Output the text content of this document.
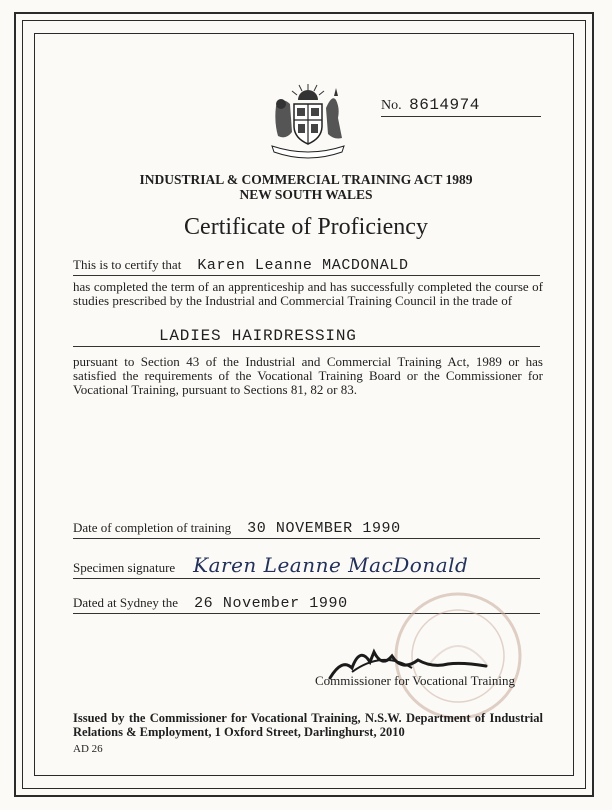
No. 8614974
INDUSTRIAL & COMMERCIAL TRAINING ACT 1989
NEW SOUTH WALES
Certificate of Proficiency
This is to certify that Karen Leanne MACDONALD
has completed the term of an apprenticeship and has successfully completed the course of studies prescribed by the Industrial and Commercial Training Council in the trade of
LADIES HAIRDRESSING
pursuant to Section 43 of the Industrial and Commercial Training Act, 1989 or has satisfied the requirements of the Vocational Training Board or the Commissioner for Vocational Training, pursuant to Sections 81, 82 or 83.
Date of completion of training 30 NOVEMBER 1990
Specimen signature Karen Leanne MacDonald
Dated at Sydney the 26 November 1990
Commissioner for Vocational Training
Issued by the Commissioner for Vocational Training, N.S.W. Department of Industrial Relations & Employment, 1 Oxford Street, Darlinghurst, 2010
AD 26
